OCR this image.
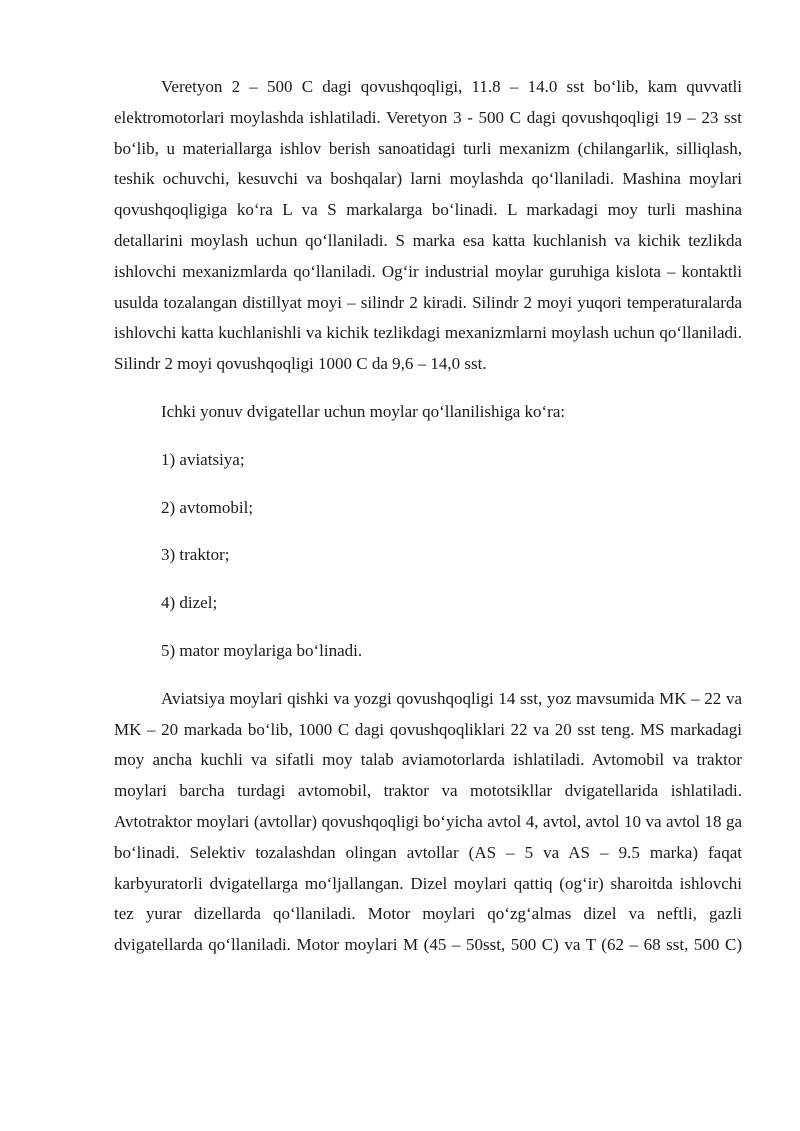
Veretyon 2 – 500 C dagi qovushqoqligi, 11.8 – 14.0 sst bo‘lib, kam quvvatli elektromotorlari moylashda ishlatiladi. Veretyon 3 - 500 C dagi qovushqoqligi 19 – 23 sst bo‘lib, u materiallarga ishlov berish sanoatidagi turli mexanizm (chilangarlik, silliqlash, teshik ochuvchi, kesuvchi va boshqalar) larni moylashda qo‘llaniladi. Mashina moylari qovushqoqligiga ko‘ra L va S markalarga bo‘linadi. L markadagi moy turli mashina detallarini moylash uchun qo‘llaniladi. S marka esa katta kuchlanish va kichik tezlikda ishlovchi mexanizmlarda qo‘llaniladi. Og‘ir industrial moylar guruhiga kislota – kontaktli usulda tozalangan distillyat moyi – silindr 2 kiradi. Silindr 2 moyi yuqori temperaturalarda ishlovchi katta kuchlanishli va kichik tezlikdagi mexanizmlarni moylash uchun qo‘llaniladi. Silindr 2 moyi qovushqoqligi 1000 C da 9,6 – 14,0 sst.

Ichki yonuv dvigatellar uchun moylar qo‘llanilishiga ko‘ra:

1) aviatsiya;

2) avtomobil;

3) traktor;

4) dizel;

5) mator moylariga bo‘linadi.

Aviatsiya moylari qishki va yozgi qovushqoqligi 14 sst, yoz mavsumida MK – 22 va MK – 20 markada bo‘lib, 1000 C dagi qovushqoqliklari 22 va 20 sst teng. MS markadagi moy ancha kuchli va sifatli moy talab aviamotorlarda ishlatiladi. Avtomobil va traktor moylari barcha turdagi avtomobil, traktor va mototsikllar dvigatellarida ishlatiladi. Avtotraktor moylari (avtollar) qovushqoqligi bo‘yicha avtol 4, avtol, avtol 10 va avtol 18 ga bo‘linadi. Selektiv tozalashdan olingan avtollar (AS – 5 va AS – 9.5 marka) faqat karbyuratorli dvigatellarga mo‘ljallangan. Dizel moylari qattiq (og‘ir) sharoitda ishlovchi tez yurar dizellarda qo‘llaniladi. Motor moylari qo‘zg‘almas dizel va neftli, gazli dvigatellarda qo‘llaniladi. Motor moylari M (45 – 50sst, 500 C) va T (62 – 68 sst, 500 C)
